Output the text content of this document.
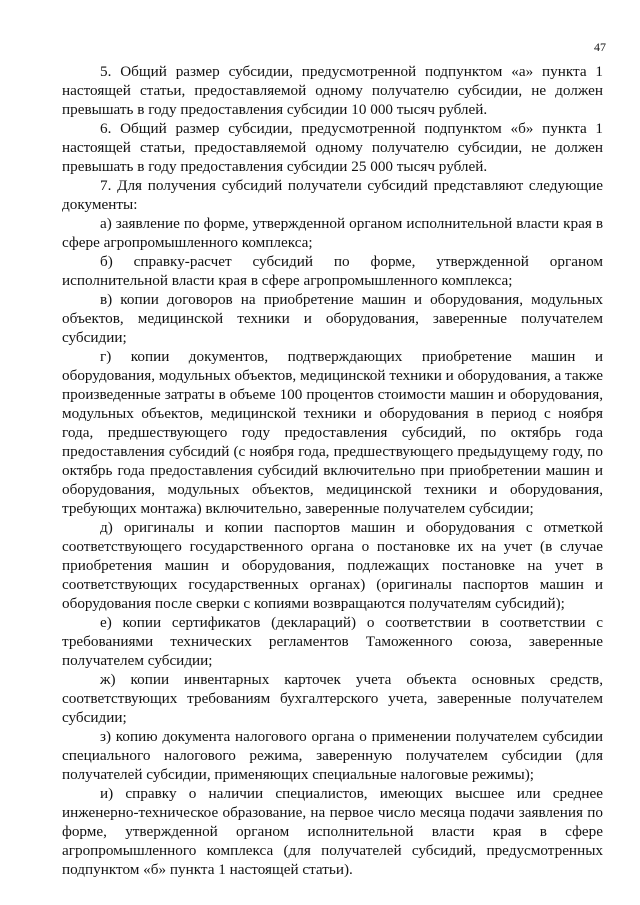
47

5. Общий размер субсидии, предусмотренной подпунктом «а» пункта 1 настоящей статьи, предоставляемой одному получателю субсидии, не должен превышать в году предоставления субсидии 10 000 тысяч рублей.

6. Общий размер субсидии, предусмотренной подпунктом «б» пункта 1 настоящей статьи, предоставляемой одному получателю субсидии, не должен превышать в году предоставления субсидии 25 000 тысяч рублей.

7. Для получения субсидий получатели субсидий представляют следующие документы:

а) заявление по форме, утвержденной органом исполнительной власти края в сфере агропромышленного комплекса;

б) справку-расчет субсидий по форме, утвержденной органом исполнительной власти края в сфере агропромышленного комплекса;

в) копии договоров на приобретение машин и оборудования, модульных объектов, медицинской техники и оборудования, заверенные получателем субсидии;

г) копии документов, подтверждающих приобретение машин и оборудования, модульных объектов, медицинской техники и оборудования, а также произведенные затраты в объеме 100 процентов стоимости машин и оборудования, модульных объектов, медицинской техники и оборудования в период с ноября года, предшествующего году предоставления субсидий, по октябрь года предоставления субсидий (с ноября года, предшествующего предыдущему году, по октябрь года предоставления субсидий включительно при приобретении машин и оборудования, модульных объектов, медицинской техники и оборудования, требующих монтажа) включительно, заверенные получателем субсидии;

д) оригиналы и копии паспортов машин и оборудования с отметкой соответствующего государственного органа о постановке их на учет (в случае приобретения машин и оборудования, подлежащих постановке на учет в соответствующих государственных органах) (оригиналы паспортов машин и оборудования после сверки с копиями возвращаются получателям субсидий);

е) копии сертификатов (деклараций) о соответствии в соответствии с требованиями технических регламентов Таможенного союза, заверенные получателем субсидии;

ж) копии инвентарных карточек учета объекта основных средств, соответствующих требованиям бухгалтерского учета, заверенные получателем субсидии;

з) копию документа налогового органа о применении получателем субсидии специального налогового режима, заверенную получателем субсидии (для получателей субсидии, применяющих специальные налоговые режимы);

и) справку о наличии специалистов, имеющих высшее или среднее инженерно-техническое образование, на первое число месяца подачи заявления по форме, утвержденной органом исполнительной власти края в сфере агропромышленного комплекса (для получателей субсидий, предусмотренных подпунктом «б» пункта 1 настоящей статьи).
